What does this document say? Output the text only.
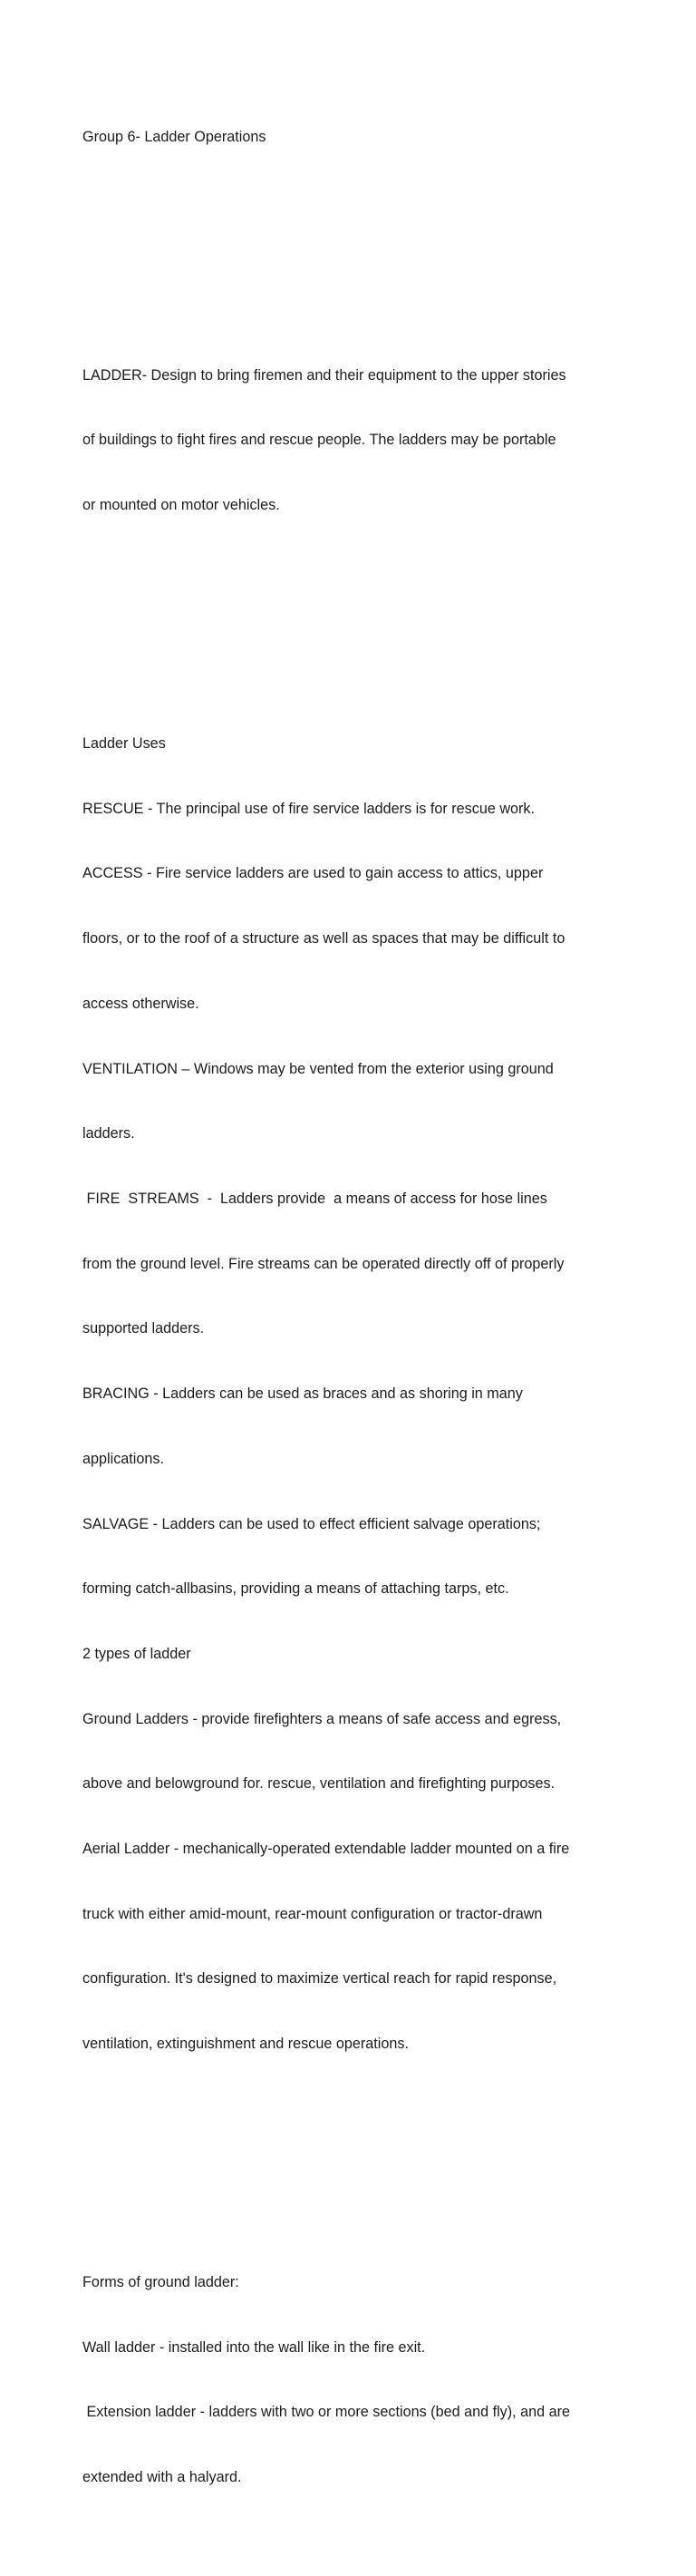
Group 6- Ladder Operations

LADDER- Design to bring firemen and their equipment to the upper stories

of buildings to fight fires and rescue people. The ladders may be portable

or mounted on motor vehicles.

Ladder Uses

RESCUE - The principal use of fire service ladders is for rescue work.

ACCESS - Fire service ladders are used to gain access to attics, upper

floors, or to the roof of a structure as well as spaces that may be difficult to

access otherwise.

VENTILATION – Windows may be vented from the exterior using ground

ladders.

FIRE  STREAMS  -  Ladders provide  a means of access for hose lines

from the ground level. Fire streams can be operated directly off of properly

supported ladders.

BRACING - Ladders can be used as braces and as shoring in many

applications.

SALVAGE - Ladders can be used to effect efficient salvage operations;

forming catch-allbasins, providing a means of attaching tarps, etc.

2 types of ladder

Ground Ladders - provide firefighters a means of safe access and egress,

above and belowground for. rescue, ventilation and firefighting purposes.

Aerial Ladder - mechanically-operated extendable ladder mounted on a fire

truck with either amid-mount, rear-mount configuration or tractor-drawn

configuration. It's designed to maximize vertical reach for rapid response,

ventilation, extinguishment and rescue operations.

Forms of ground ladder:

Wall ladder - installed into the wall like in the fire exit.

Extension ladder - ladders with two or more sections (bed and fly), and are

extended with a halyard.
